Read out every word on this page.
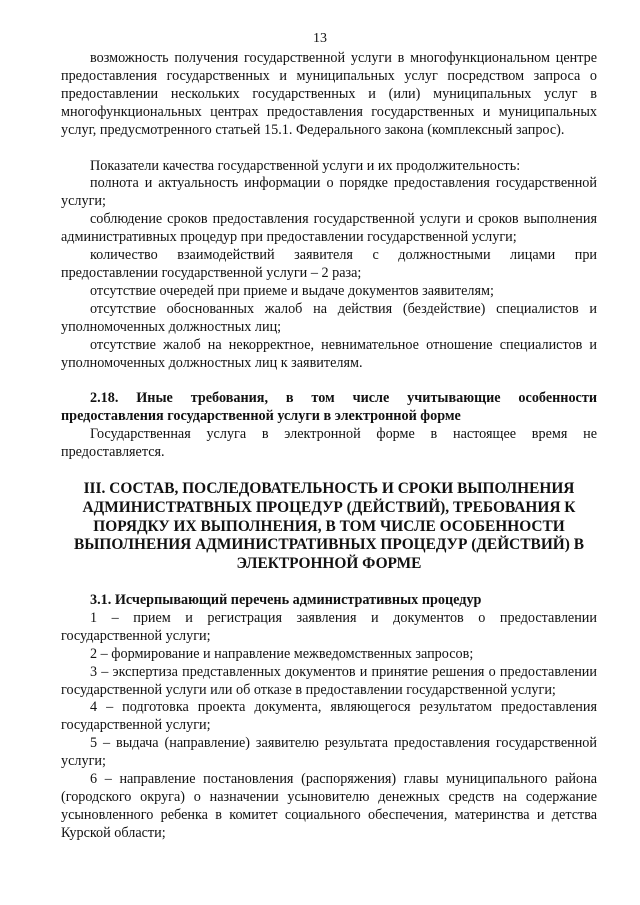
13

возможность получения государственной услуги в многофункциональном центре предоставления государственных и муниципальных услуг посредством запроса о предоставлении нескольких государственных и (или) муниципальных услуг в многофункциональных центрах предоставления государственных и муниципальных услуг, предусмотренного статьей 15.1. Федерального закона (комплексный запрос).

Показатели качества государственной услуги и их продолжительность:

полнота и актуальность информации о порядке предоставления государственной услуги;

соблюдение сроков предоставления государственной услуги и сроков выполнения административных процедур при предоставлении государственной услуги;

количество взаимодействий заявителя с должностными лицами при предоставлении государственной услуги – 2 раза;

отсутствие очередей при приеме и выдаче документов заявителям;

отсутствие обоснованных жалоб на действия (бездействие) специалистов и уполномоченных должностных лиц;

отсутствие жалоб на некорректное, невнимательное отношение специалистов и уполномоченных должностных лиц к заявителям.

2.18. Иные требования, в том числе учитывающие особенности предоставления государственной услуги в электронной форме

Государственная услуга в электронной форме в настоящее время не предоставляется.

III. СОСТАВ, ПОСЛЕДОВАТЕЛЬНОСТЬ И СРОКИ ВЫПОЛНЕНИЯ

АДМИНИСТРАТВНЫХ ПРОЦЕДУР (ДЕЙСТВИЙ), ТРЕБОВАНИЯ К

ПОРЯДКУ ИХ ВЫПОЛНЕНИЯ, В ТОМ ЧИСЛЕ ОСОБЕННОСТИ

ВЫПОЛНЕНИЯ АДМИНИСТРАТИВНЫХ ПРОЦЕДУР (ДЕЙСТВИЙ) В

ЭЛЕКТРОННОЙ ФОРМЕ

3.1. Исчерпывающий перечень административных процедур

1 – прием и регистрация заявления и документов о предоставлении государственной услуги;

2 – формирование и направление межведомственных запросов;

3 – экспертиза представленных документов и принятие решения о предоставлении государственной услуги или об отказе в предоставлении государственной услуги;

4 – подготовка проекта документа, являющегося результатом предоставления государственной услуги;

5 – выдача (направление) заявителю результата предоставления государственной услуги;

6 – направление постановления (распоряжения) главы муниципального района (городского округа) о назначении усыновителю денежных средств на содержание усыновленного ребенка в комитет социального обеспечения, материнства и детства Курской области;
